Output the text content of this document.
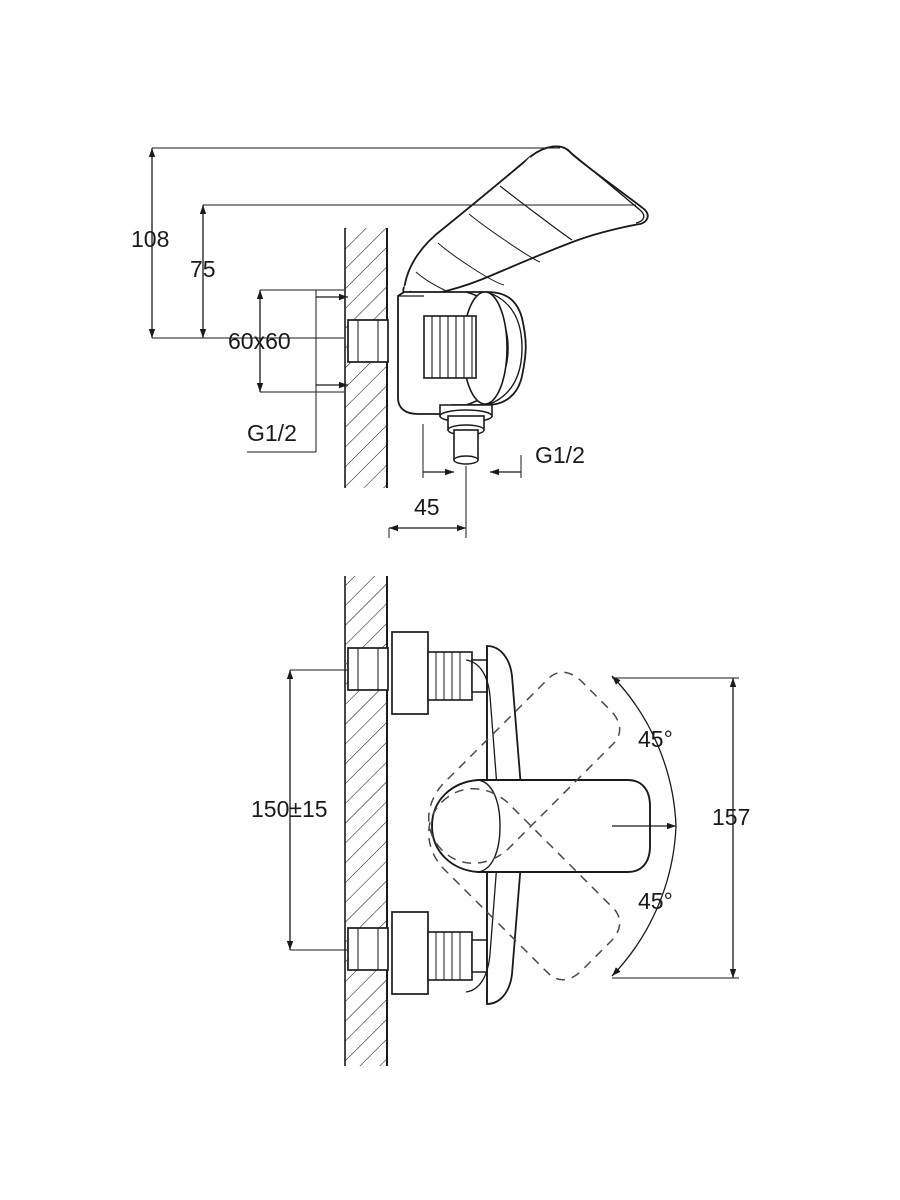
108
75
60x60
G1/2
G1/2
45
150±15
45°
45°
157
